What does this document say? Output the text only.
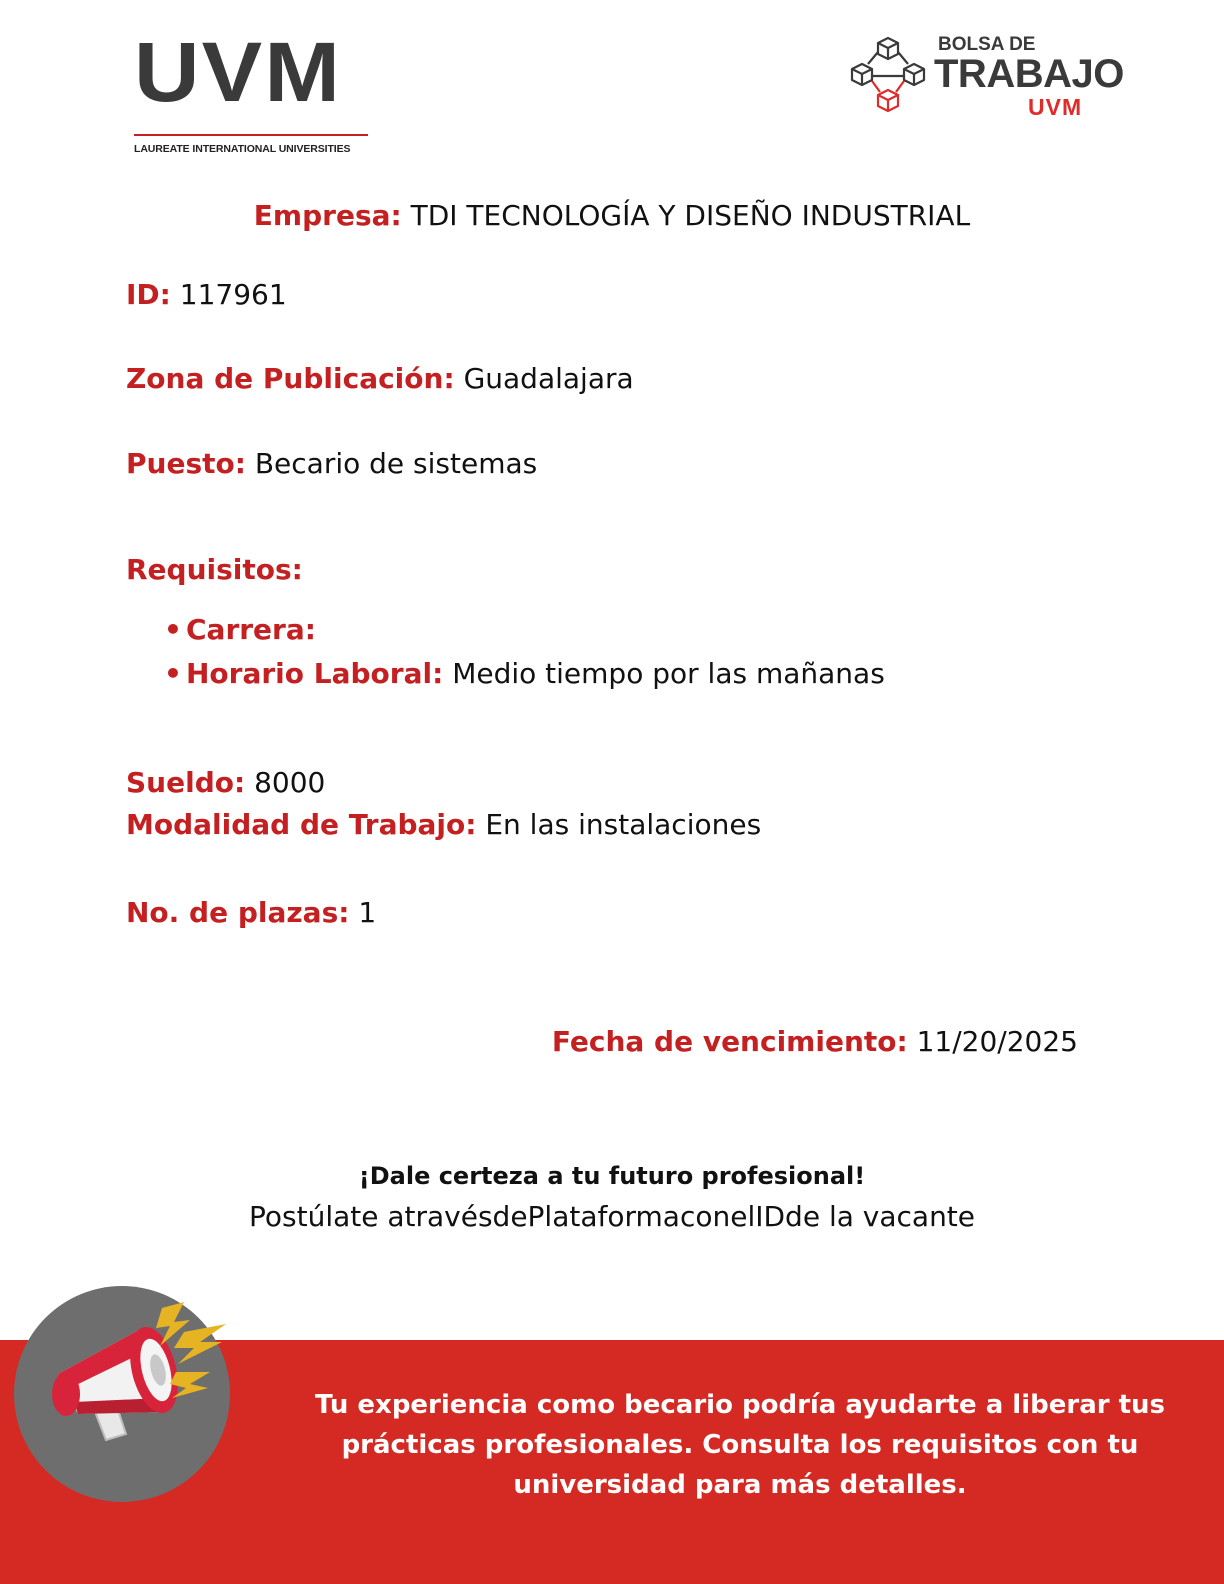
UVM
LAUREATE INTERNATIONAL UNIVERSITIES
BOLSA DE
TRABAJO
UVM
Empresa: TDI TECNOLOGÍA Y DISEÑO INDUSTRIAL
ID: 117961
Zona de Publicación: Guadalajara
Puesto: Becario de sistemas
Requisitos:
• Carrera:
• Horario Laboral: Medio tiempo por las mañanas
Sueldo: 8000
Modalidad de Trabajo: En las instalaciones
No. de plazas: 1
Fecha de vencimiento: 11/20/2025
¡Dale certeza a tu futuro profesional!
Postúlate atravésdePlataformaconelIDde la vacante
Tu experiencia como becario podría ayudarte a liberar tus prácticas profesionales. Consulta los requisitos con tu universidad para más detalles.
